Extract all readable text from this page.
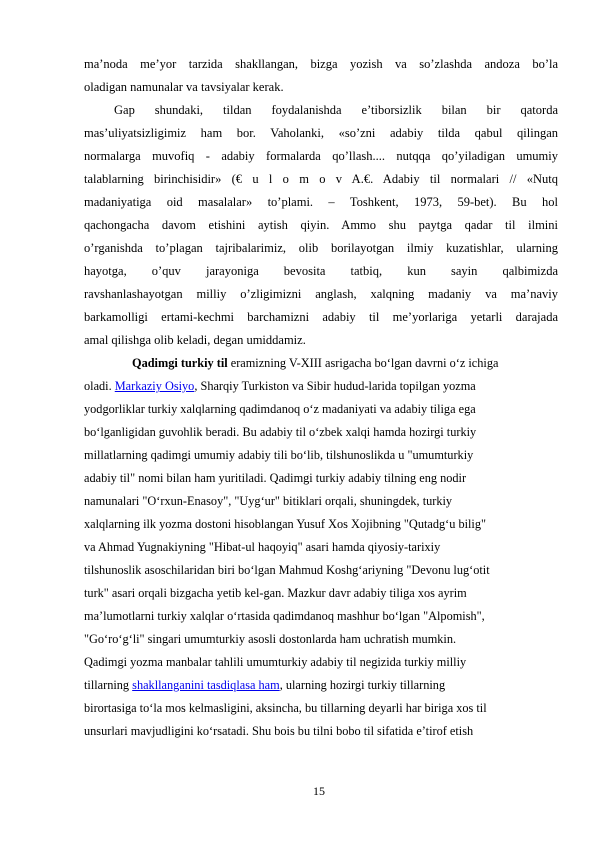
ma’noda me’yor tarzida shakllangan, bizga yozish va so’zlashda andoza bo’la
oladigan namunalar va tavsiyalar kerak.
Gap shundaki, tildan foydalanishda e’tiborsizlik bilan bir qatorda
mas’uliyatsizligimiz ham bor. Vaholanki, «so’zni adabiy tilda qabul qilingan
normalarga muvofiq - adabiy formalarda qo’llash.... nutqqa qo’yiladigan umumiy
talablarning birinchisidir» (€ u l o m o v A.€. Adabiy til normalari // «Nutq
madaniyatiga oid masalalar» to’plami. – Toshkent, 1973, 59-bet). Bu hol
qachongacha davom etishini aytish qiyin. Ammo shu paytga qadar til ilmini
o’rganishda to’plagan tajribalarimiz, olib borilayotgan ilmiy kuzatishlar, ularning
hayotga, o’quv jarayoniga bevosita tatbiq, kun sayin qalbimizda
ravshanlashayotgan milliy o’zligimizni anglash, xalqning madaniy va ma’naviy
barkamolligi ertami-kechmi barchamizni adabiy til me’yorlariga yetarli darajada
amal qilishga olib keladi, degan umiddamiz.
Qadimgi turkiy til eramizning V-XIII asrigacha bo‘lgan davrni o‘z ichiga
oladi. Markaziy Osiyo, Sharqiy Turkiston va Sibir hudud-larida topilgan yozma
yodgorliklar turkiy xalqlarning qadimdanoq o‘z madaniyati va adabiy tiliga ega
bo‘lganligidan guvohlik beradi. Bu adabiy til o‘zbek xalqi hamda hozirgi turkiy
millatlarning qadimgi umumiy adabiy tili bo‘lib, tilshunoslikda u "umumturkiy
adabiy til" nomi bilan ham yuritiladi. Qadimgi turkiy adabiy tilning eng nodir
namunalari "O‘rxun-Enasoy", "Uyg‘ur" bitiklari orqali, shuningdek, turkiy
xalqlarning ilk yozma dostoni hisoblangan Yusuf Xos Xojibning "Qutadg‘u bilig"
va Ahmad Yugnakiyning "Hibat-ul haqoyiq" asari hamda qiyosiy-tarixiy
tilshunoslik asoschilaridan biri bo‘lgan Mahmud Koshg‘ariyning "Devonu lug‘otit
turk" asari orqali bizgacha yetib kel-gan. Mazkur davr adabiy tiliga xos ayrim
ma’lumotlarni turkiy xalqlar o‘rtasida qadimdanoq mashhur bo‘lgan "Alpomish",
"Go‘ro‘g‘li" singari umumturkiy asosli dostonlarda ham uchratish mumkin.
Qadimgi yozma manbalar tahlili umumturkiy adabiy til negizida turkiy milliy
tillarning shakllanganini tasdiqlasa ham, ularning hozirgi turkiy tillarning
birortasiga to‘la mos kelmasligini, aksincha, bu tillarning deyarli har biriga xos til
unsurlari mavjudligini ko‘rsatadi. Shu bois bu tilni bobo til sifatida e’tirof etish
15
